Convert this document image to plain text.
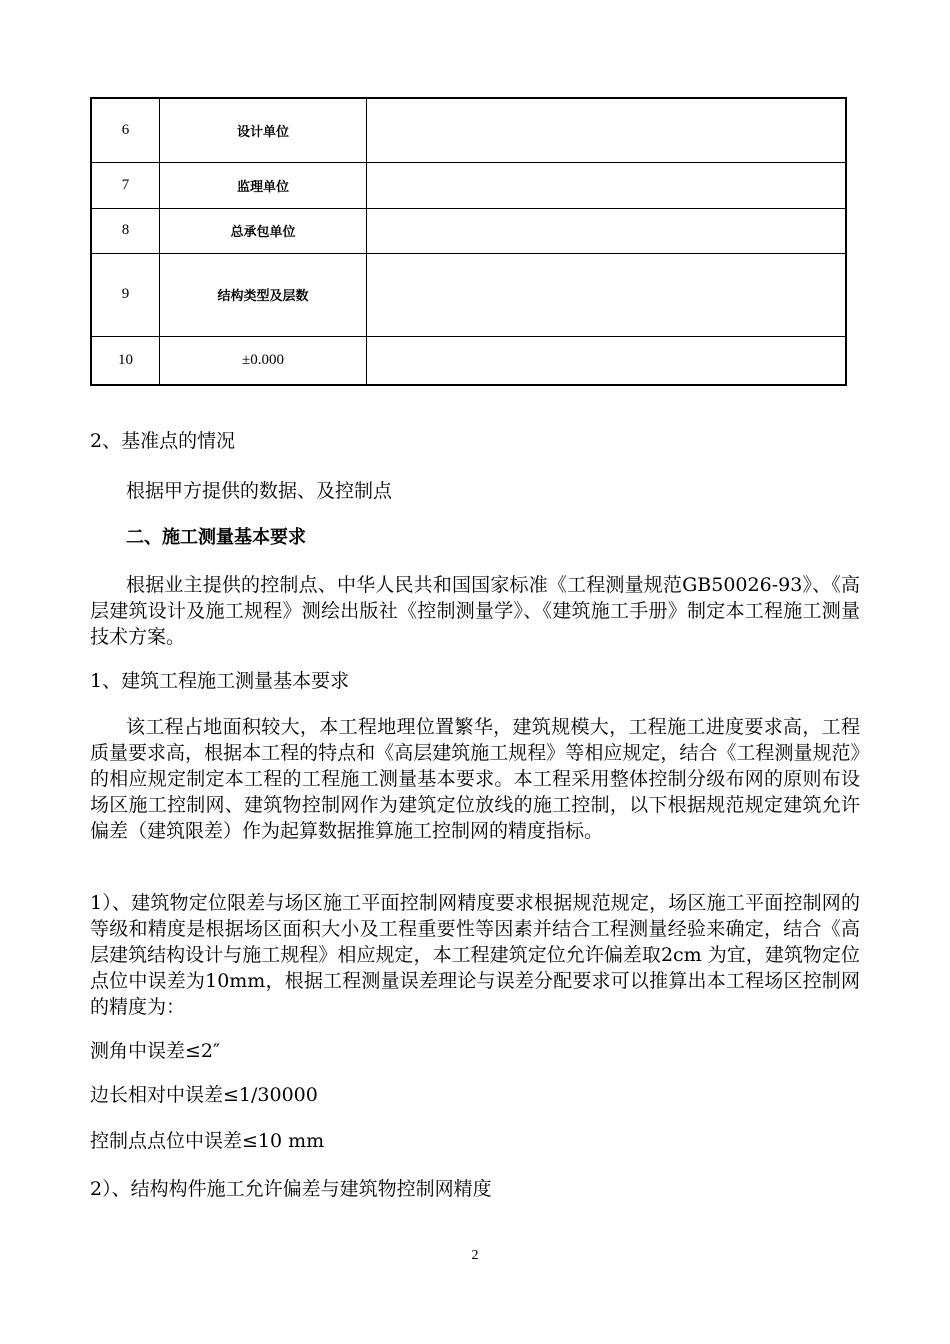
6	设计单位	
7	监理单位	
8	总承包单位	
9	结构类型及层数	
10	±0.000	

2、基准点的情况

根据甲方提供的数据、及控制点

二、施工测量基本要求

根据业主提供的控制点、中华人民共和国国家标准《工程测量规范GB50026-93》、《高层建筑设计及施工规程》测绘出版社《控制测量学》、《建筑施工手册》制定本工程施工测量技术方案。

1、建筑工程施工测量基本要求

该工程占地面积较大，本工程地理位置繁华，建筑规模大，工程施工进度要求高，工程质量要求高，根据本工程的特点和《高层建筑施工规程》等相应规定，结合《工程测量规范》的相应规定制定本工程的工程施工测量基本要求。本工程采用整体控制分级布网的原则布设场区施工控制网、建筑物控制网作为建筑定位放线的施工控制，以下根据规范规定建筑允许偏差（建筑限差）作为起算数据推算施工控制网的精度指标。

1）、建筑物定位限差与场区施工平面控制网精度要求根据规范规定，场区施工平面控制网的等级和精度是根据场区面积大小及工程重要性等因素并结合工程测量经验来确定，结合《高层建筑结构设计与施工规程》相应规定，本工程建筑定位允许偏差取2cm 为宜，建筑物定位点位中误差为10mm，根据工程测量误差理论与误差分配要求可以推算出本工程场区控制网的精度为：

测角中误差≤2″

边长相对中误差≤1/30000

控制点点位中误差≤10 mm

2）、结构构件施工允许偏差与建筑物控制网精度

2
